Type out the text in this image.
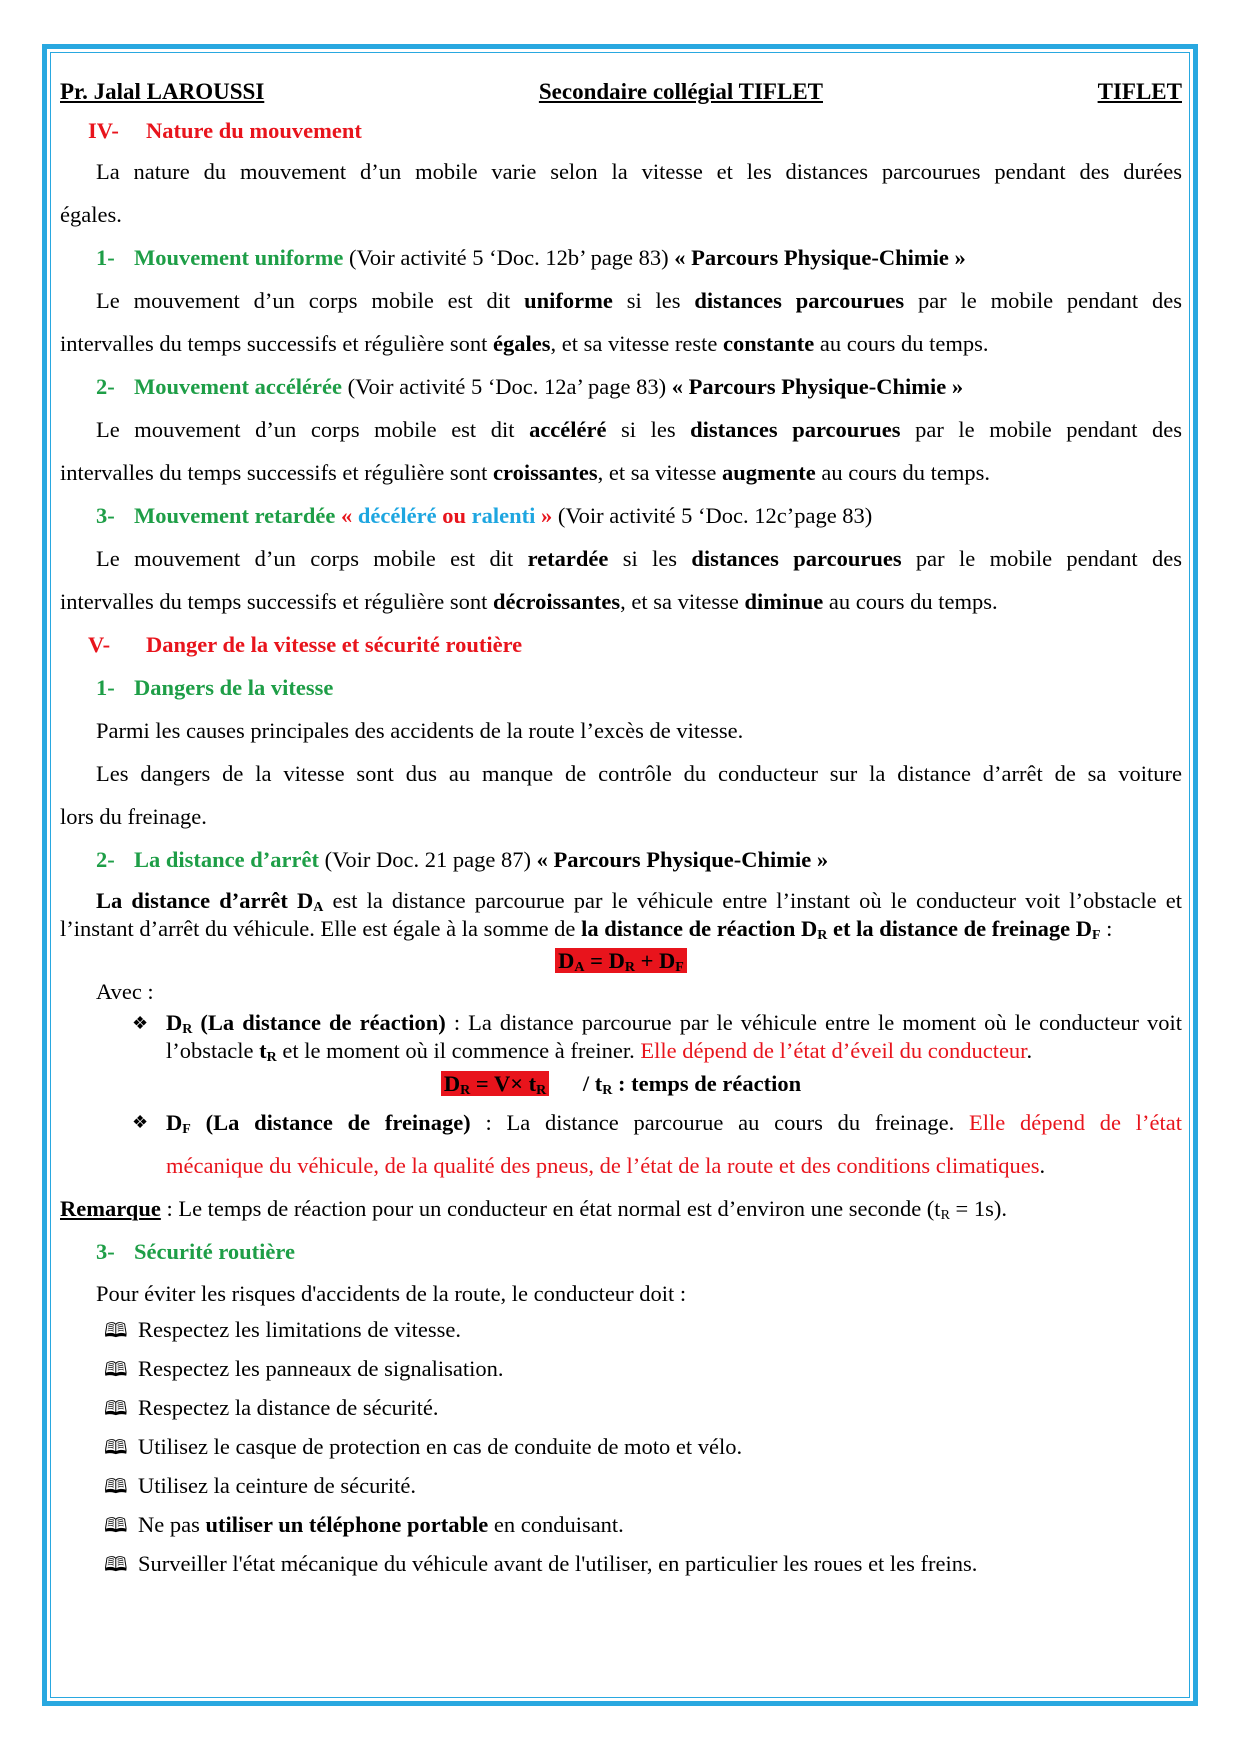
Pr. Jalal LAROUSSI	Secondaire collégial TIFLET	TIFLET
IV- Nature du mouvement
La nature du mouvement d’un mobile varie selon la vitesse et les distances parcourues pendant des durées
égales.
1- Mouvement uniforme (Voir activité 5 ‘Doc. 12b’ page 83) « Parcours Physique-Chimie »
Le mouvement d’un corps mobile est dit uniforme si les distances parcourues par le mobile pendant des
intervalles du temps successifs et régulière sont égales, et sa vitesse reste constante au cours du temps.
2- Mouvement accélérée (Voir activité 5 ‘Doc. 12a’ page 83) « Parcours Physique-Chimie »
Le mouvement d’un corps mobile est dit accéléré si les distances parcourues par le mobile pendant des
intervalles du temps successifs et régulière sont croissantes, et sa vitesse augmente au cours du temps.
3- Mouvement retardée « décéléré ou ralenti » (Voir activité 5 ‘Doc. 12c’page 83)
Le mouvement d’un corps mobile est dit retardée si les distances parcourues par le mobile pendant des
intervalles du temps successifs et régulière sont décroissantes, et sa vitesse diminue au cours du temps.
V- Danger de la vitesse et sécurité routière
1- Dangers de la vitesse
Parmi les causes principales des accidents de la route l’excès de vitesse.
Les dangers de la vitesse sont dus au manque de contrôle du conducteur sur la distance d’arrêt de sa voiture
lors du freinage.
2- La distance d’arrêt (Voir Doc. 21 page 87) « Parcours Physique-Chimie »
La distance d’arrêt $D_A$ est la distance parcourue par le véhicule entre l’instant où le conducteur voit l’obstacle et l’instant d’arrêt du véhicule. Elle est égale à la somme de la distance de réaction $D_R$ et la distance de freinage $D_F$ :
$D_A = D_R + D_F$
Avec :
❖ $D_R$ (La distance de réaction) : La distance parcourue par le véhicule entre le moment où le conducteur voit l’obstacle $t_R$ et le moment où il commence à freiner. Elle dépend de l’état d’éveil du conducteur.
$D_R = V\times t_R / t_R$ : temps de réaction
❖ $D_F$ (La distance de freinage) : La distance parcourue au cours du freinage. Elle dépend de l’état
mécanique du véhicule, de la qualité des pneus, de l’état de la route et des conditions climatiques.
Remarque : Le temps de réaction pour un conducteur en état normal est d’environ une seconde $(t_R = 1s)$.
3- Sécurité routière
Pour éviter les risques d'accidents de la route, le conducteur doit :
🕮 Respectez les limitations de vitesse.
🕮 Respectez les panneaux de signalisation.
🕮 Respectez la distance de sécurité.
🕮 Utilisez le casque de protection en cas de conduite de moto et vélo.
🕮 Utilisez la ceinture de sécurité.
🕮 Ne pas utiliser un téléphone portable en conduisant.
🕮 Surveiller l'état mécanique du véhicule avant de l'utiliser, en particulier les roues et les freins.
